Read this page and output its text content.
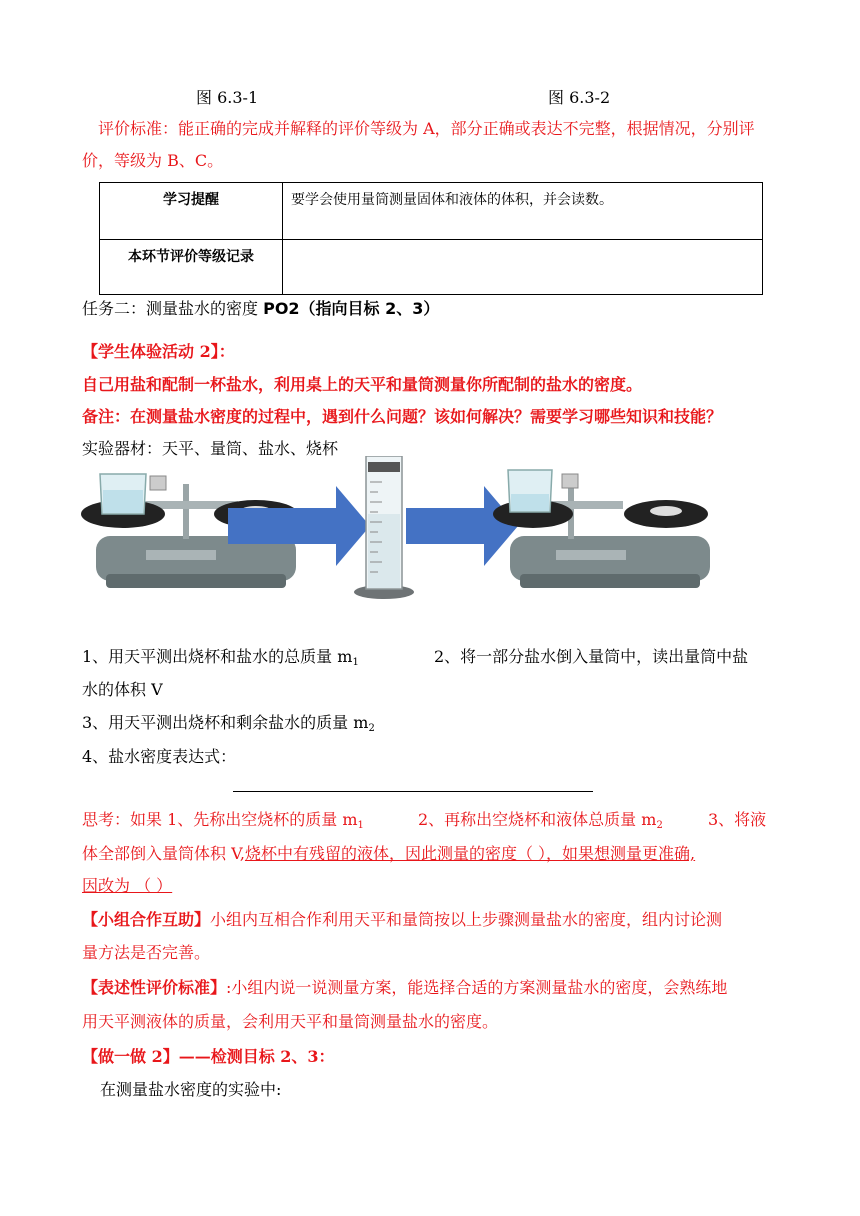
图 6.3-1	图 6.3-2
评价标准：能正确的完成并解释的评价等级为 A，部分正确或表达不完整，根据情况，分别评
价，等级为 B、C。
学习提醒	要学会使用量筒测量固体和液体的体积，并会读数。
本环节评价等级记录	
任务二：测量盐水的密度 PO2（指向目标 2、3）
【学生体验活动 2】：
自己用盐和配制一杯盐水，利用桌上的天平和量筒测量你所配制的盐水的密度。
备注：在测量盐水密度的过程中，遇到什么问题？该如何解决？需要学习哪些知识和技能？
实验器材：天平、量筒、盐水、烧杯
1、用天平测出烧杯和盐水的总质量 $m_1$	2、将一部分盐水倒入量筒中，读出量筒中盐
水的体积 V
3、用天平测出烧杯和剩余盐水的质量 $m_2$
4、盐水密度表达式：
思考：如果 1、先称出空烧杯的质量 $m_1$	2、再称出空烧杯和液体总质量 $m_2$	3、将液
体全部倒入量筒体积 V,烧杯中有残留的液体，因此测量的密度（ ），如果想测量更准确,
因改为 （ ）
【小组合作互助】小组内互相合作利用天平和量筒按以上步骤测量盐水的密度，组内讨论测
量方法是否完善。
【表述性评价标准】:小组内说一说测量方案，能选择合适的方案测量盐水的密度，会熟练地
用天平测液体的质量，会利用天平和量筒测量盐水的密度。
【做一做 2】——检测目标 2、3：
在测量盐水密度的实验中:
